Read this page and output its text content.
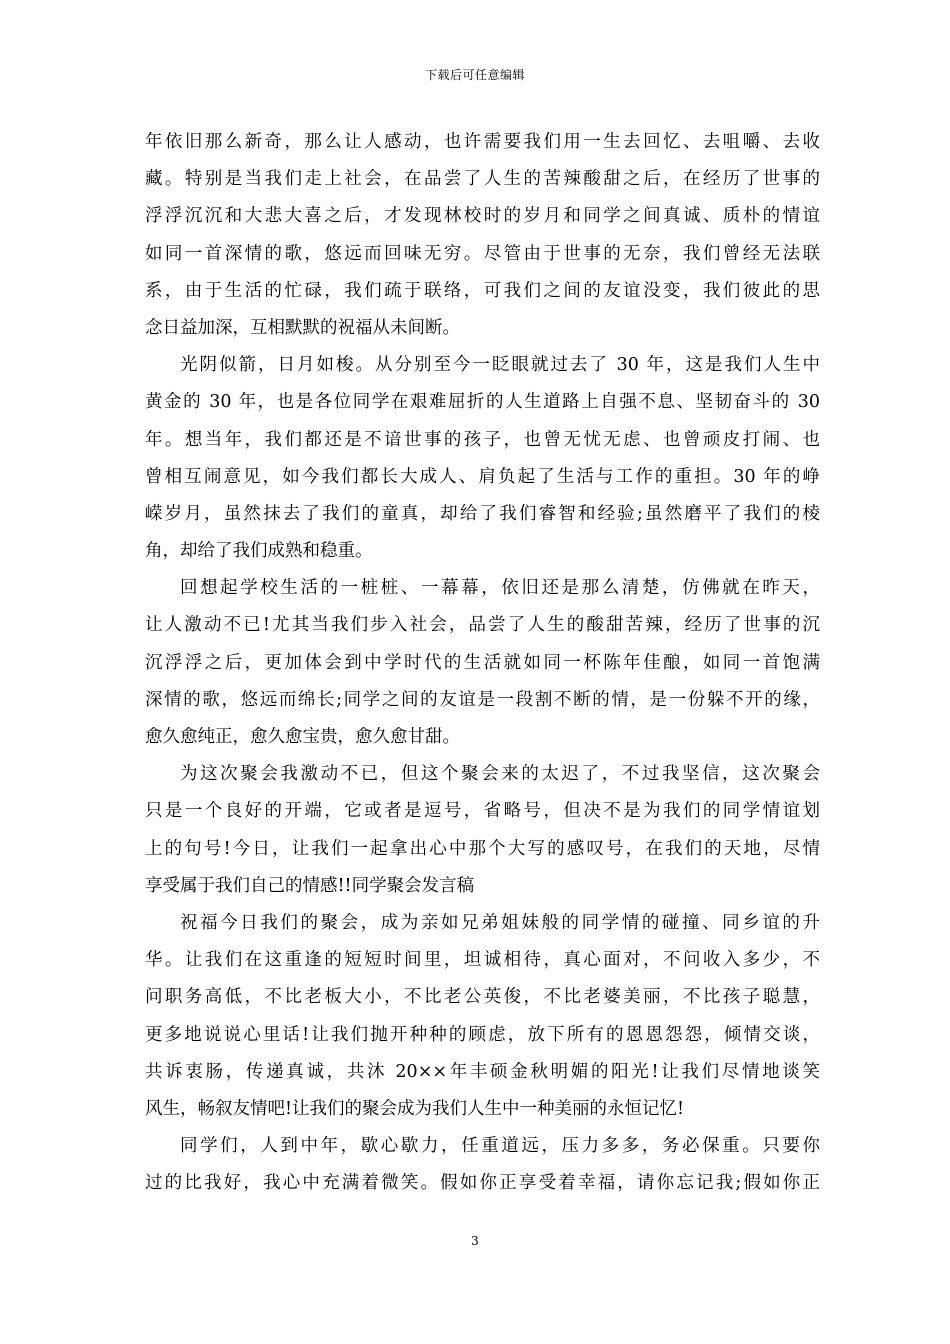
下载后可任意编辑
年依旧那么新奇，那么让人感动，也许需要我们用一生去回忆、去咀嚼、去收
藏。特别是当我们走上社会，在品尝了人生的苦辣酸甜之后，在经历了世事的
浮浮沉沉和大悲大喜之后，才发现林校时的岁月和同学之间真诚、质朴的情谊
如同一首深情的歌，悠远而回味无穷。尽管由于世事的无奈，我们曾经无法联
系，由于生活的忙碌，我们疏于联络，可我们之间的友谊没变，我们彼此的思
念日益加深，互相默默的祝福从未间断。
光阴似箭，日月如梭。从分别至今一眨眼就过去了 30 年，这是我们人生中
黄金的 30 年，也是各位同学在艰难屈折的人生道路上自强不息、坚韧奋斗的 30
年。想当年，我们都还是不谙世事的孩子，也曾无忧无虑、也曾顽皮打闹、也
曾相互闹意见，如今我们都长大成人、肩负起了生活与工作的重担。30 年的峥
嵘岁月，虽然抹去了我们的童真，却给了我们睿智和经验;虽然磨平了我们的棱
角，却给了我们成熟和稳重。
回想起学校生活的一桩桩、一幕幕，依旧还是那么清楚，仿佛就在昨天，
让人激动不已!尤其当我们步入社会，品尝了人生的酸甜苦辣，经历了世事的沉
沉浮浮之后，更加体会到中学时代的生活就如同一杯陈年佳酿，如同一首饱满
深情的歌，悠远而绵长;同学之间的友谊是一段割不断的情，是一份躲不开的缘，
愈久愈纯正，愈久愈宝贵，愈久愈甘甜。
为这次聚会我激动不已，但这个聚会来的太迟了，不过我坚信，这次聚会
只是一个良好的开端，它或者是逗号，省略号，但决不是为我们的同学情谊划
上的句号!今日，让我们一起拿出心中那个大写的感叹号，在我们的天地，尽情
享受属于我们自己的情感!!同学聚会发言稿
祝福今日我们的聚会，成为亲如兄弟姐妹般的同学情的碰撞、同乡谊的升
华。让我们在这重逢的短短时间里，坦诚相待，真心面对，不问收入多少，不
问职务高低，不比老板大小，不比老公英俊，不比老婆美丽，不比孩子聪慧，
更多地说说心里话!让我们抛开种种的顾虑，放下所有的恩恩怨怨，倾情交谈，
共诉衷肠，传递真诚，共沐 20××年丰硕金秋明媚的阳光!让我们尽情地谈笑
风生，畅叙友情吧!让我们的聚会成为我们人生中一种美丽的永恒记忆!
同学们，人到中年，歇心歇力，任重道远，压力多多，务必保重。只要你
过的比我好，我心中充满着微笑。假如你正享受着幸福，请你忘记我;假如你正
3
